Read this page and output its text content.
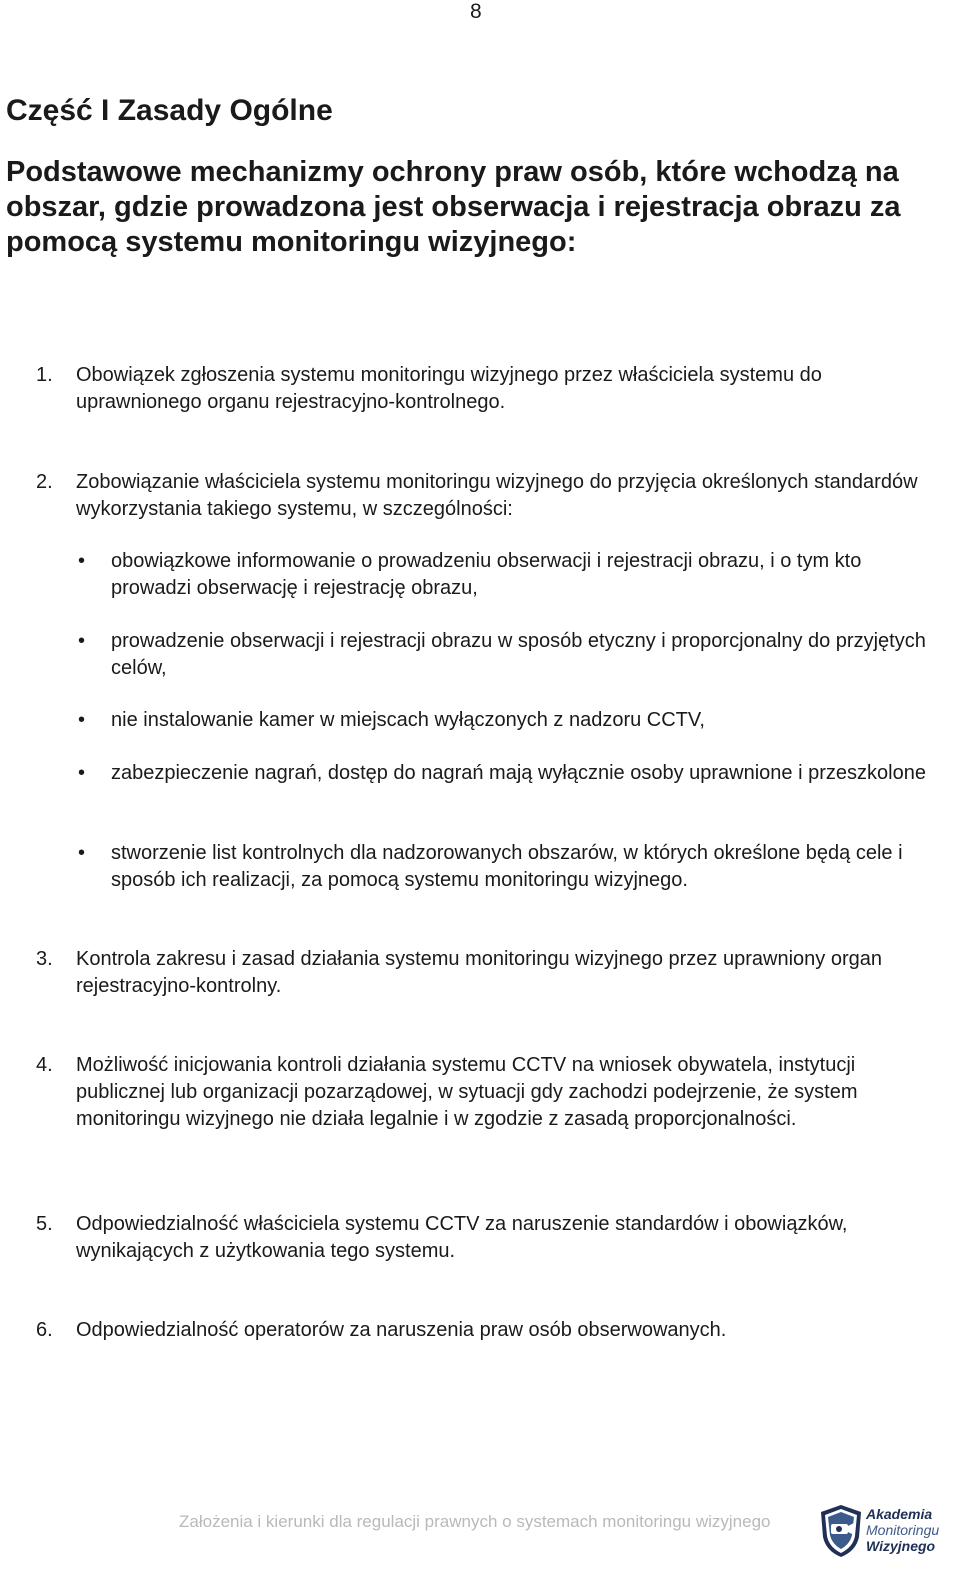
8
Część I Zasady Ogólne
Podstawowe mechanizmy ochrony praw osób, które wchodzą na obszar, gdzie prowadzona jest obserwacja i rejestracja obrazu za pomocą systemu monitoringu wizyjnego:
1. Obowiązek zgłoszenia systemu monitoringu wizyjnego przez właściciela systemu do uprawnionego organu rejestracyjno-kontrolnego.
2. Zobowiązanie właściciela systemu monitoringu wizyjnego do przyjęcia określonych standardów wykorzystania takiego systemu, w szczególności:
• obowiązkowe informowanie o prowadzeniu obserwacji i rejestracji obrazu, i o tym kto prowadzi obserwację i rejestrację obrazu,
• prowadzenie obserwacji i rejestracji obrazu w sposób etyczny i proporcjonalny do przyjętych celów,
• nie instalowanie kamer w miejscach wyłączonych z nadzoru CCTV,
• zabezpieczenie nagrań, dostęp do nagrań mają wyłącznie osoby uprawnione i przeszkolone
• stworzenie list kontrolnych dla nadzorowanych obszarów, w których określone będą cele i sposób ich realizacji, za pomocą systemu monitoringu wizyjnego.
3. Kontrola zakresu i zasad działania systemu monitoringu wizyjnego przez uprawniony organ rejestracyjno-kontrolny.
4. Możliwość inicjowania kontroli działania systemu CCTV na wniosek obywatela, instytucji publicznej lub organizacji pozarządowej, w sytuacji gdy zachodzi podejrzenie, że system monitoringu wizyjnego nie działa legalnie i w zgodzie z zasadą proporcjonalności.
5. Odpowiedzialność właściciela systemu CCTV za naruszenie standardów i obowiązków, wynikających z użytkowania tego systemu.
6. Odpowiedzialność operatorów za naruszenia praw osób obserwowanych.
Założenia i kierunki dla regulacji prawnych o systemach monitoringu wizyjnego	Akademia
Monitoringu
Wizyjnego
